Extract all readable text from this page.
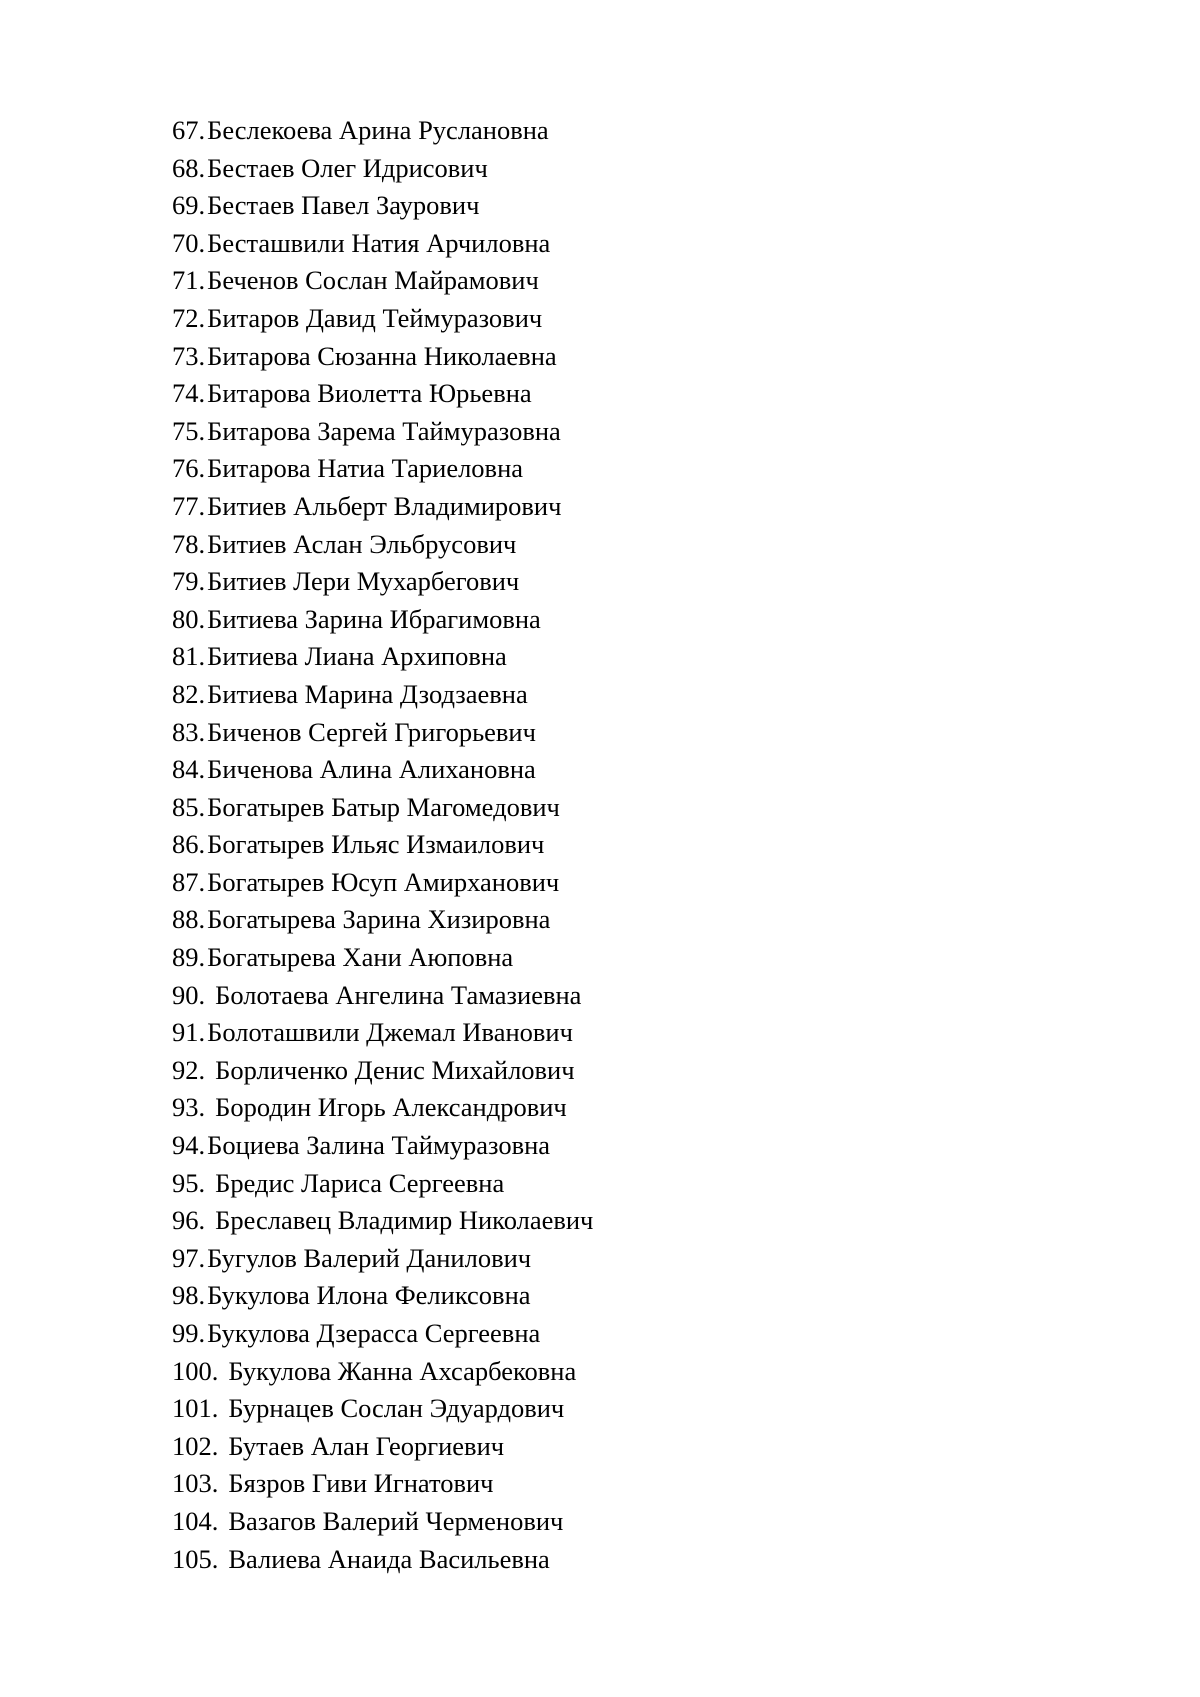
67.Беслекоева Арина Руслановна
68.Бестаев Олег Идрисович
69.Бестаев Павел Заурович
70.Бесташвили Натия Арчиловна
71.Беченов Сослан Майрамович
72.Битаров Давид Теймуразович
73.Битарова Сюзанна Николаевна
74.Битарова Виолетта Юрьевна
75.Битарова Зарема Таймуразовна
76.Битарова Натиа Тариеловна
77.Битиев Альберт Владимирович
78.Битиев Аслан Эльбрусович
79.Битиев Лери Мухарбегович
80.Битиева Зарина Ибрагимовна
81.Битиева Лиана Архиповна
82.Битиева Марина Дзодзаевна
83.Биченов Сергей Григорьевич
84.Биченова Алина Алихановна
85.Богатырев Батыр Магомедович
86.Богатырев Ильяс Измаилович
87.Богатырев Юсуп Амирханович
88.Богатырева Зарина Хизировна
89.Богатырева Хани Аюповна
90. Болотаева Ангелина Тамазиевна
91.Болоташвили Джемал Иванович
92. Борличенко Денис Михайлович
93. Бородин Игорь Александрович
94.Боциева Залина Таймуразовна
95. Бредис Лариса Сергеевна
96. Бреславец Владимир Николаевич
97.Бугулов Валерий Данилович
98.Букулова Илона Феликсовна
99.Букулова Дзерасса Сергеевна
100. Букулова Жанна Ахсарбековна
101. Бурнацев Сослан Эдуардович
102. Бутаев Алан Георгиевич
103. Бязров Гиви Игнатович
104. Вазагов Валерий Черменович
105. Валиева Анаида Васильевна
